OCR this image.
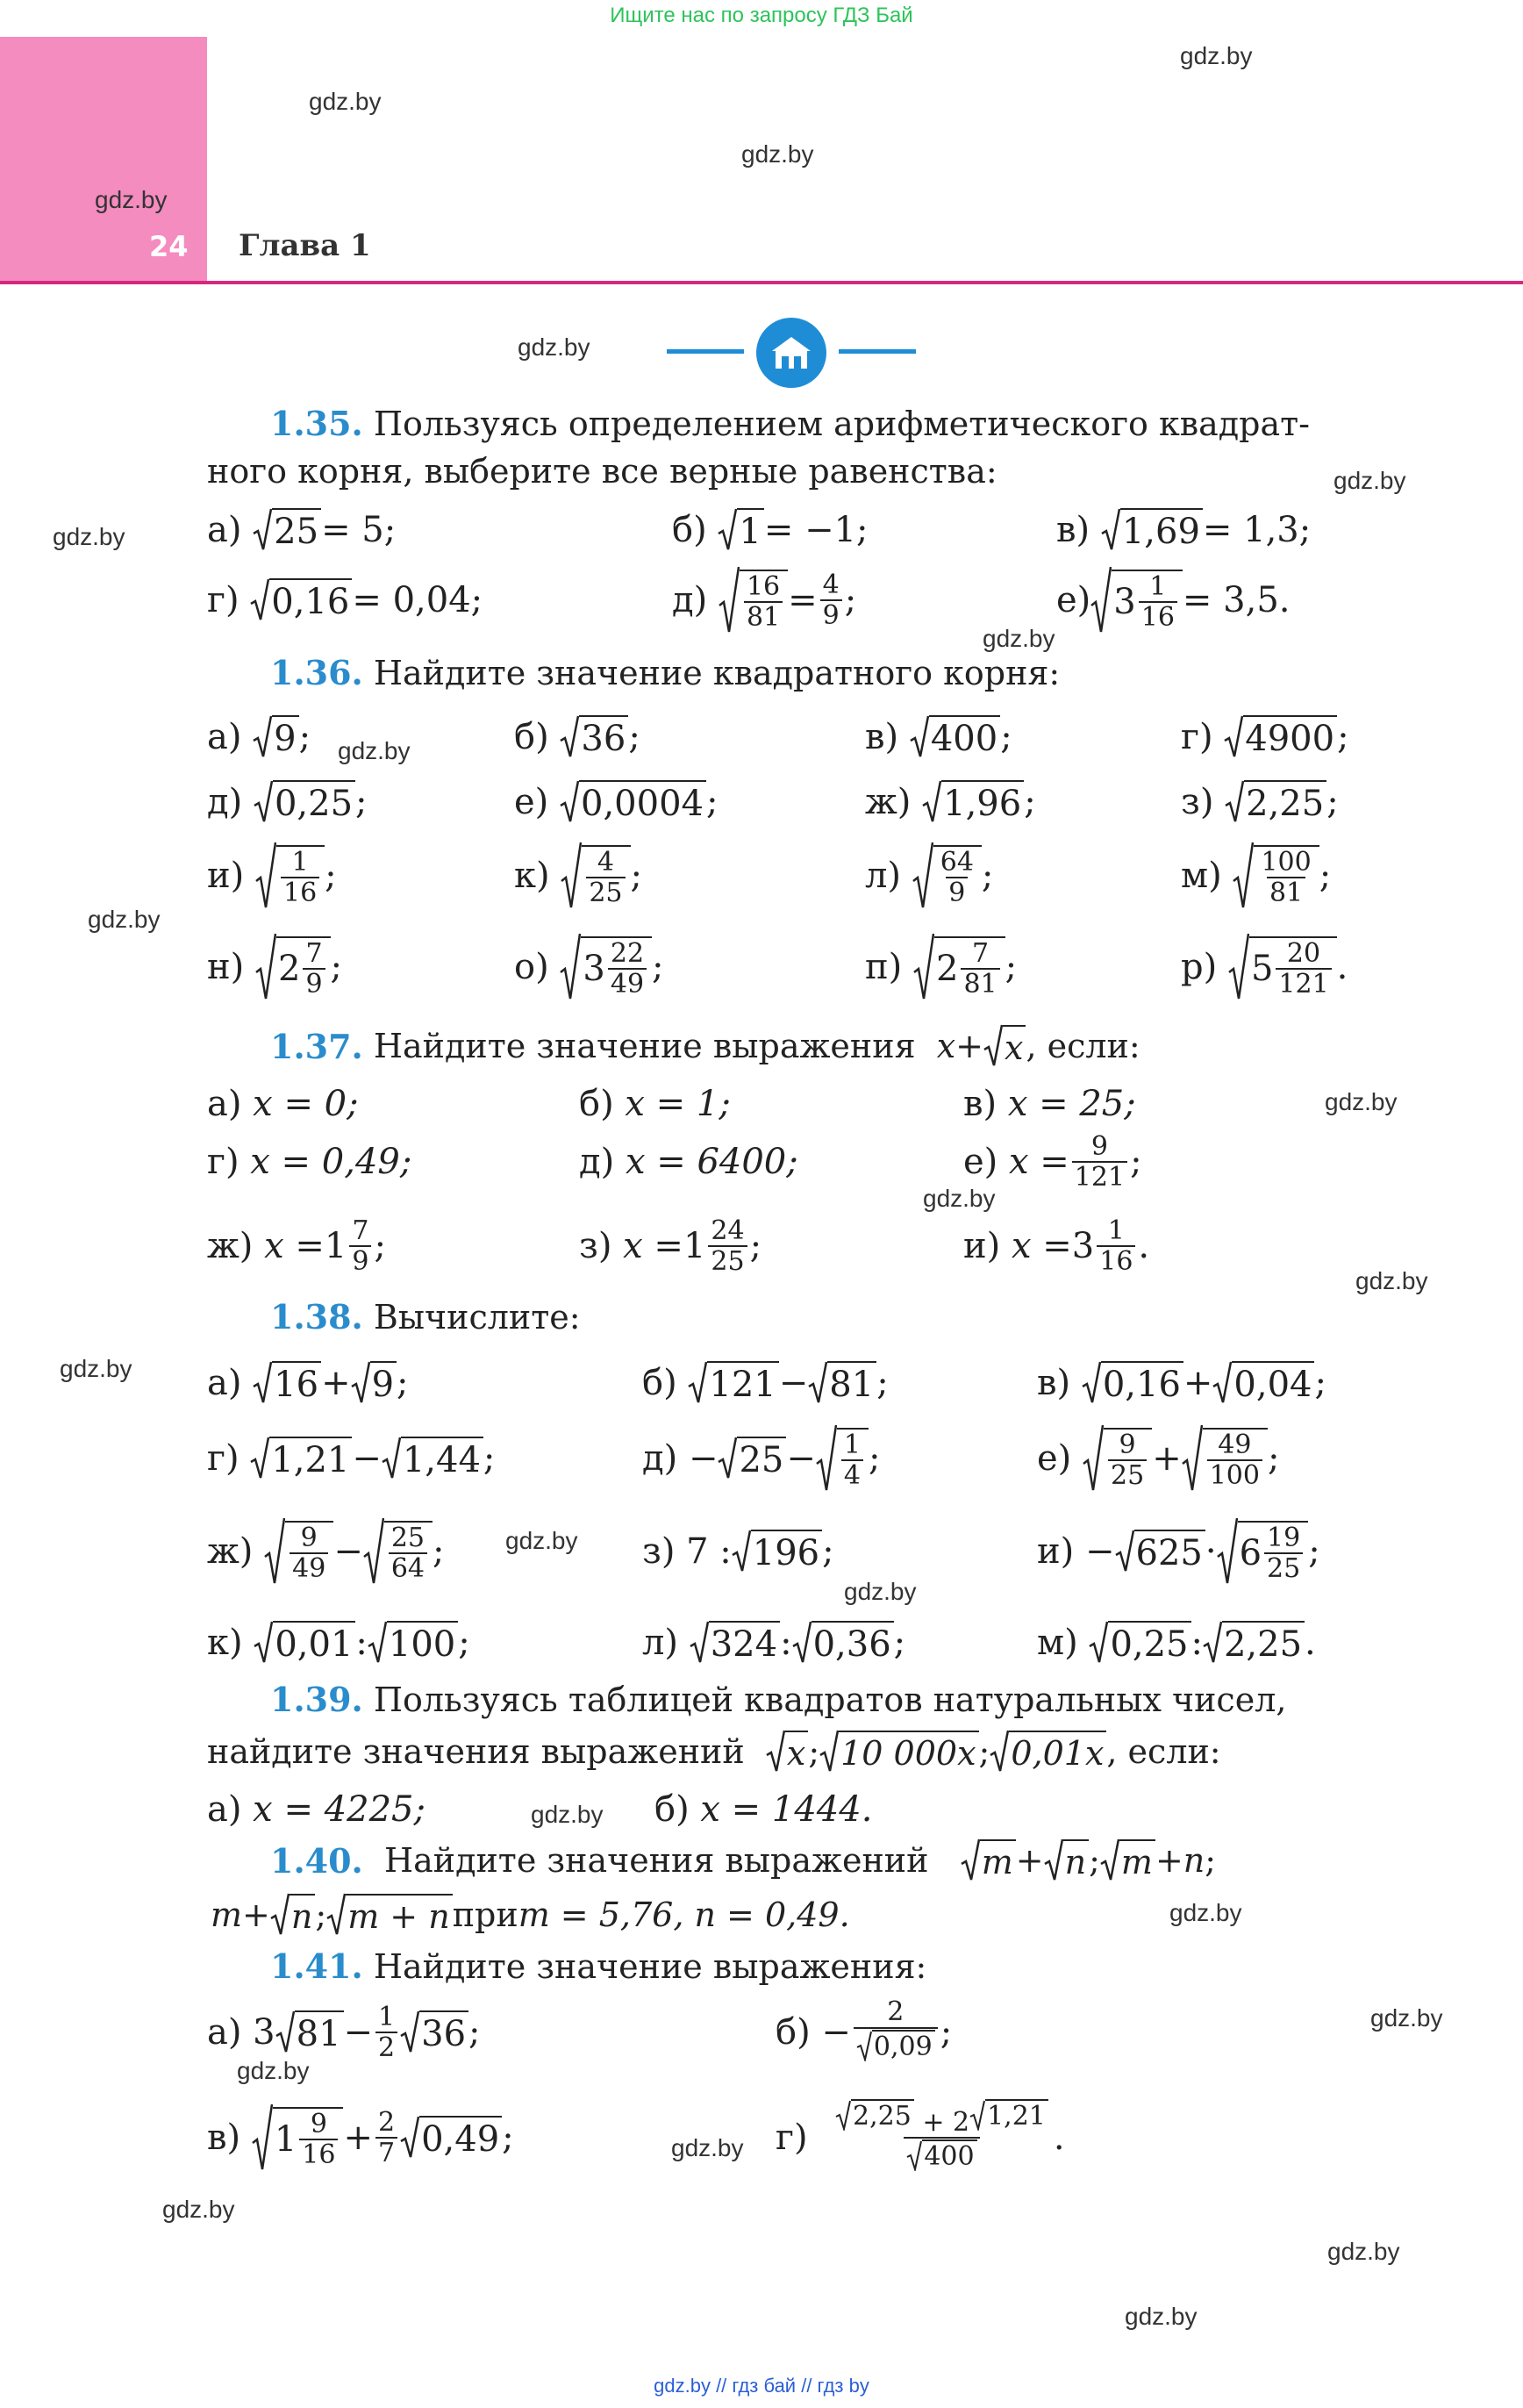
Ищите нас по запросу ГДЗ Бай
24 Глава 1
gdz.by
gdz.by
gdz.by
gdz.by
gdz.by
gdz.by
gdz.by
gdz.by
gdz.by
gdz.by
gdz.by
gdz.by
gdz.by
gdz.by
gdz.by
gdz.by
gdz.by
gdz.by
gdz.by
gdz.by
gdz.by
gdz.by
gdz.by
gdz.by
1.35. Пользуясь определением арифметического квадрат-
ного корня, выберите все верные равенства:
а)
25 = 5;	б)
1 = −1;	в)
1,69 = 1,3;
г)
0,16 = 0,04;	д)
$\frac{16}{81} = \frac{4}{9}$ ;	е) $3 \frac{1}{16} = 3,5$.
1.36. Найдите значение квадратного корня:
а)
9 ;	б)
36 ;	в)
400 ;	г)
4900 ;
д)
0,25 ;	е)
0,0004 ;	ж)
1,96 ;	з)
2,25 ;
и)
$\frac{1}{16}$ ;	к)
$\frac{4}{25}$ ;	л)
$\frac{64}{9}$ ;	м)
$\frac{100}{81}$ ;
н)
$2 \frac{7}{9}$ ;	о)
$3 \frac{22}{49}$ ;	п)
$2 \frac{7}{81}$ ;	р)
$5 \frac{20}{121}$ .
1.37.
Найдите значение выражения
x + x , если:
а)
x = 0;	б)
x = 1;	в)
x = 25;
г)
x = 0,49;	д)
x = 6400;	е)
$x = \frac{9}{121}$ ;
ж)
$x = 1 \frac{7}{9}$ ;	з)
$x = 1 \frac{24}{25}$ ;	и)
$x = 3 \frac{1}{16}$ .
1.38. Вычислите:
а)
16 + 9 ;	б)
121 − 81 ;	в)
0,16 + 0,04 ;
г)
1,21 − 1,44 ;	д)
− $25 - \frac{1}{4}$ ;	е)
$\frac{9}{25} + \frac{49}{100}$ ;
ж)
$\frac{9}{49} - \frac{25}{64}$ ;	з)
7 : 196 ;	и)
− $625 \cdot 6 \frac{19}{25}$ ;
к)
0,01 : 100 ;	л)
324 : 0,36 ;	м)
0,25 : 2,25 .
1.39. Пользуясь таблицей квадратов натуральных чисел,
найдите значения выражений
x ; 10 000x ; 0,01x , если:
а)
x = 4225;	б)
x = 1444.
1.40.
Найдите значения выражений
m + n ; m + n ;
m + n ; m + n при m = 5,76, n = 0,49.
1.41. Найдите значение выражения:
а)
3 $81 - \frac{1}{2} 36$ ;	б)
− $\frac{2}{0,09}$ ;
в)
$1 \frac{9}{16} + \frac{2}{7} 0,49$ ;	г)
$\frac{2,25 + 2 1,21}{400}$ .
gdz.by // гдз бай // гдз by
